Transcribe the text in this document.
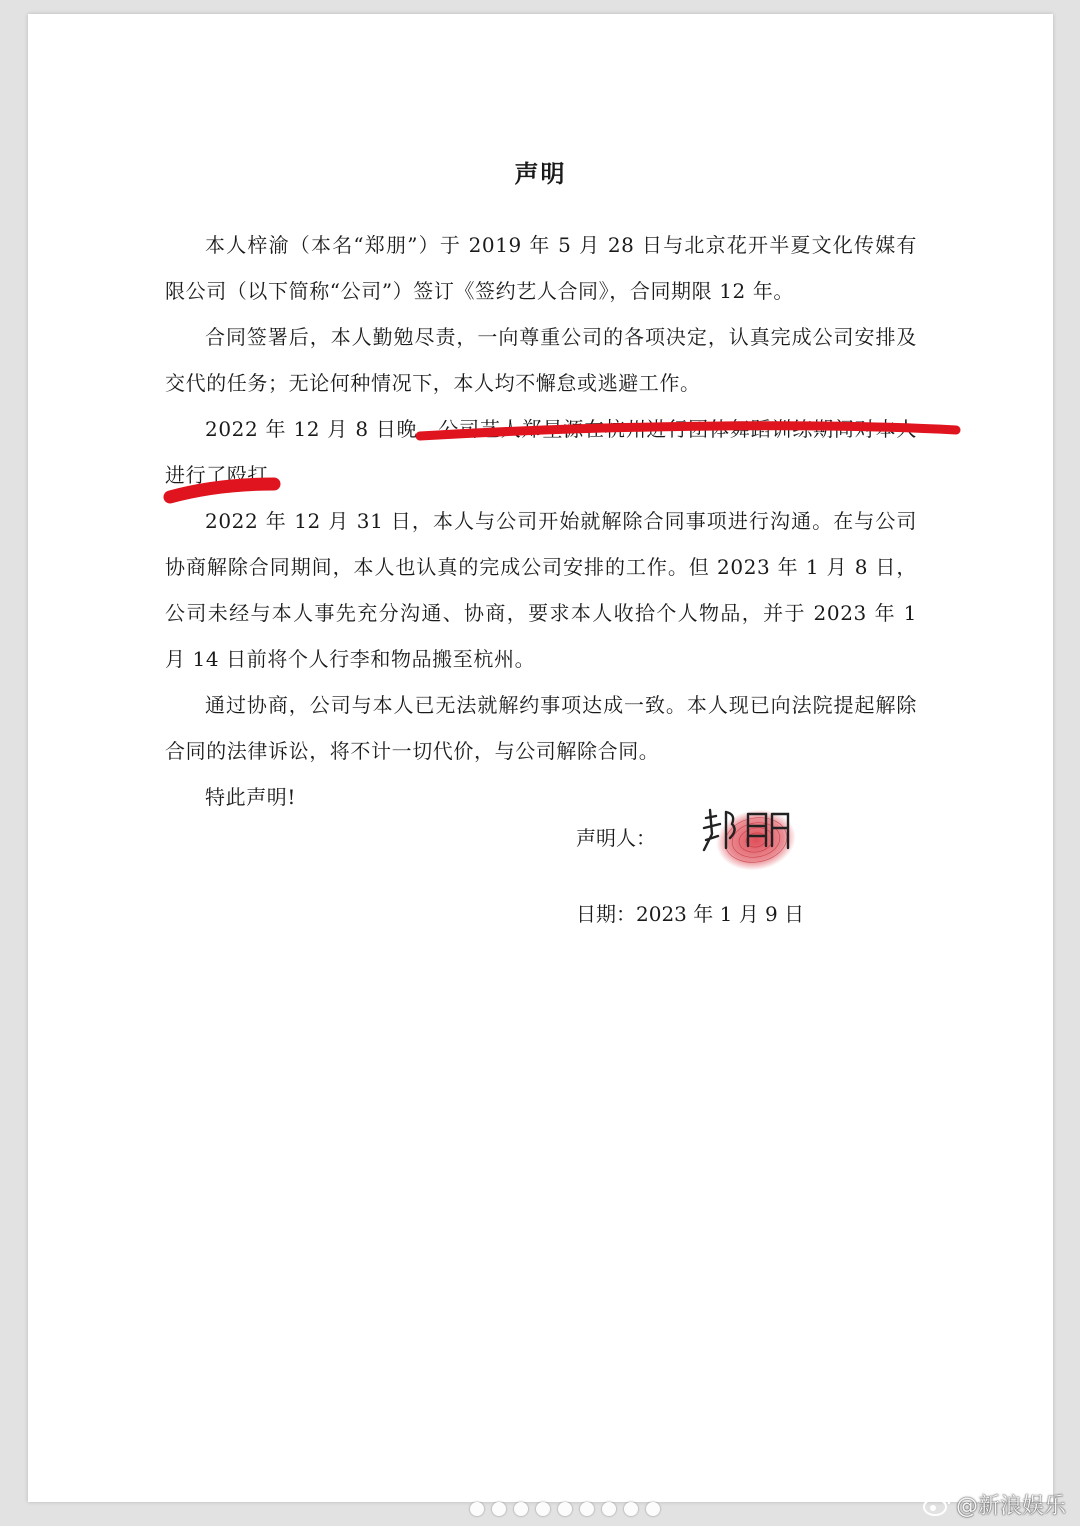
声明

本人梓渝（本名“郑朋”）于 2019 年 5 月 28 日与北京花开半夏文化传媒有限公司（以下简称“公司”）签订《签约艺人合同》，合同期限 12 年。

合同签署后，本人勤勉尽责，一向尊重公司的各项决定，认真完成公司安排及交代的任务；无论何种情况下，本人均不懈怠或逃避工作。

2022 年 12 月 8 日晚，公司艺人郑星源在杭州进行团体舞蹈训练期间对本人进行了殴打。

2022 年 12 月 31 日，本人与公司开始就解除合同事项进行沟通。在与公司协商解除合同期间，本人也认真的完成公司安排的工作。但 2023 年 1 月 8 日，公司未经与本人事先充分沟通、协商，要求本人收拾个人物品，并于 2023 年 1 月 14 日前将个人行李和物品搬至杭州。

通过协商，公司与本人已无法就解约事项达成一致。本人现已向法院提起解除合同的法律诉讼，将不计一切代价，与公司解除合同。

特此声明!

声明人：
日期：2023 年 1 月 9 日
@新浪娱乐
